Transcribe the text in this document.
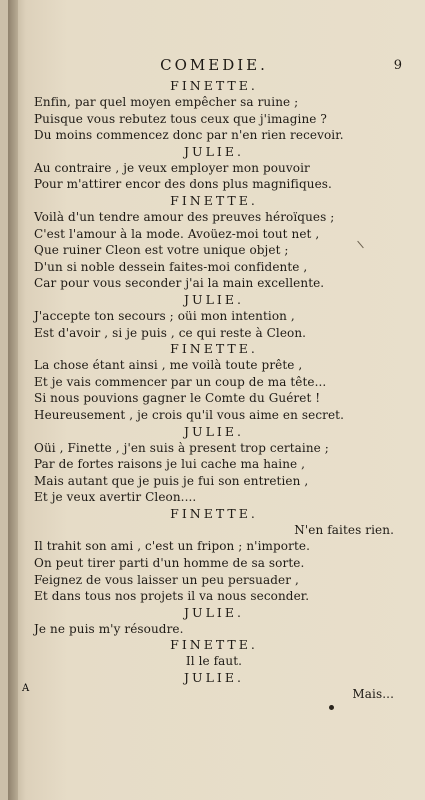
COMEDIE.	9
FINETTE.
Enfin, par quel moyen empêcher sa ruine ;
Puisque vous rebutez tous ceux que j'imagine ?
Du moins commencez donc par n'en rien recevoir.
JULIE.
Au contraire , je veux employer mon pouvoir
Pour m'attirer encor des dons plus magnifiques.
FINETTE.
Voilà d'un tendre amour des preuves héroïques ;
C'est l'amour à la mode. Avoüez-moi tout net ,
Que ruiner Cleon est votre unique objet ;
D'un si noble dessein faites-moi confidente ,
Car pour vous seconder j'ai la main excellente.
JULIE.
J'accepte ton secours ; oüi mon intention ,
Est d'avoir , si je puis , ce qui reste à Cleon.
FINETTE.
La chose étant ainsi , me voilà toute prête ,
Et je vais commencer par un coup de ma tête...
Si nous pouvions gagner le Comte du Guéret !
Heureusement , je crois qu'il vous aime en secret.
JULIE.
Oüi , Finette , j'en suis à present trop certaine ;
Par de fortes raisons je lui cache ma haine ,
Mais autant que je puis je fui son entretien ,
Et je veux avertir Cleon....
FINETTE.
N'en faites rien.
Il trahit son ami , c'est un fripon ; n'importe.
On peut tirer parti d'un homme de sa sorte.
Feignez de vous laisser un peu persuader ,
Et dans tous nos projets il va nous seconder.
JULIE.
Je ne puis m'y résoudre.
FINETTE.
Il le faut.
JULIE.
Mais...
A
